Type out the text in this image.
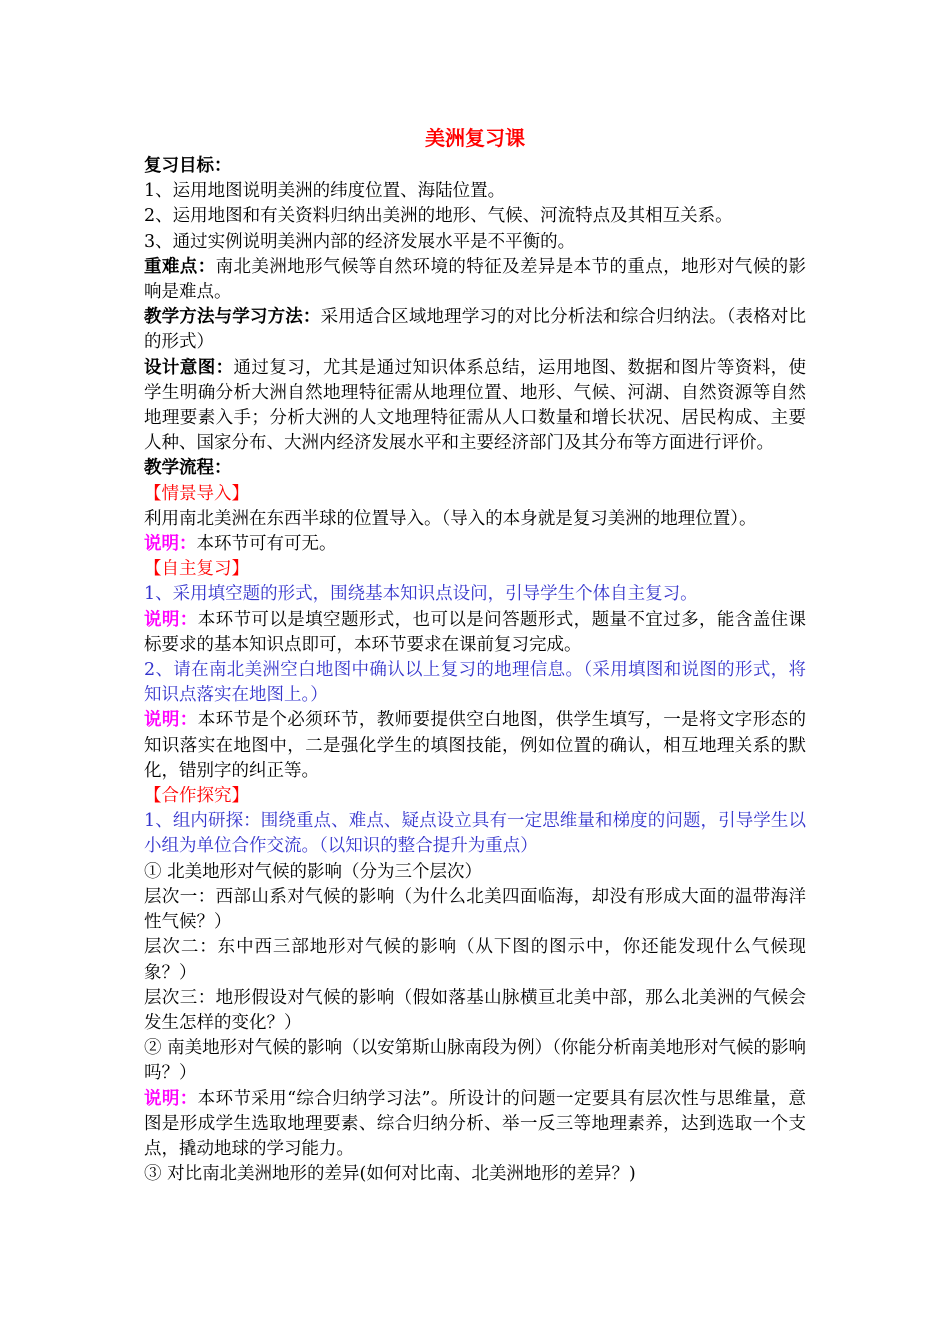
美洲复习课

复习目标：

1、运用地图说明美洲的纬度位置、海陆位置。

2、运用地图和有关资料归纳出美洲的地形、气候、河流特点及其相互关系。

3、通过实例说明美洲内部的经济发展水平是不平衡的。

重难点：南北美洲地形气候等自然环境的特征及差异是本节的重点，地形对气候的影响是难点。

教学方法与学习方法：采用适合区域地理学习的对比分析法和综合归纳法。（表格对比的形式）

设计意图：通过复习，尤其是通过知识体系总结，运用地图、数据和图片等资料，使学生明确分析大洲自然地理特征需从地理位置、地形、气候、河湖、自然资源等自然地理要素入手；分析大洲的人文地理特征需从人口数量和增长状况、居民构成、主要人种、国家分布、大洲内经济发展水平和主要经济部门及其分布等方面进行评价。

教学流程：

【情景导入】

利用南北美洲在东西半球的位置导入。（导入的本身就是复习美洲的地理位置）。

说明：本环节可有可无。

【自主复习】

1、采用填空题的形式，围绕基本知识点设问，引导学生个体自主复习。

说明：本环节可以是填空题形式，也可以是问答题形式，题量不宜过多，能含盖住课标要求的基本知识点即可，本环节要求在课前复习完成。

2、请在南北美洲空白地图中确认以上复习的地理信息。（采用填图和说图的形式，将知识点落实在地图上。）

说明：本环节是个必须环节，教师要提供空白地图，供学生填写，一是将文字形态的知识落实在地图中，二是强化学生的填图技能，例如位置的确认，相互地理关系的默化，错别字的纠正等。

【合作探究】

1、组内研探：围绕重点、难点、疑点设立具有一定思维量和梯度的问题，引导学生以小组为单位合作交流。（以知识的整合提升为重点）

① 北美地形对气候的影响（分为三个层次）

层次一：西部山系对气候的影响（为什么北美四面临海，却没有形成大面的温带海洋性气候？）

层次二：东中西三部地形对气候的影响（从下图的图示中，你还能发现什么气候现象？）

层次三：地形假设对气候的影响（假如落基山脉横亘北美中部，那么北美洲的气候会发生怎样的变化？）

② 南美地形对气候的影响（以安第斯山脉南段为例）（你能分析南美地形对气候的影响吗？）

说明：本环节采用“综合归纳学习法”。所设计的问题一定要具有层次性与思维量，意图是形成学生选取地理要素、综合归纳分析、举一反三等地理素养，达到选取一个支点，撬动地球的学习能力。

③ 对比南北美洲地形的差异(如何对比南、北美洲地形的差异？)
